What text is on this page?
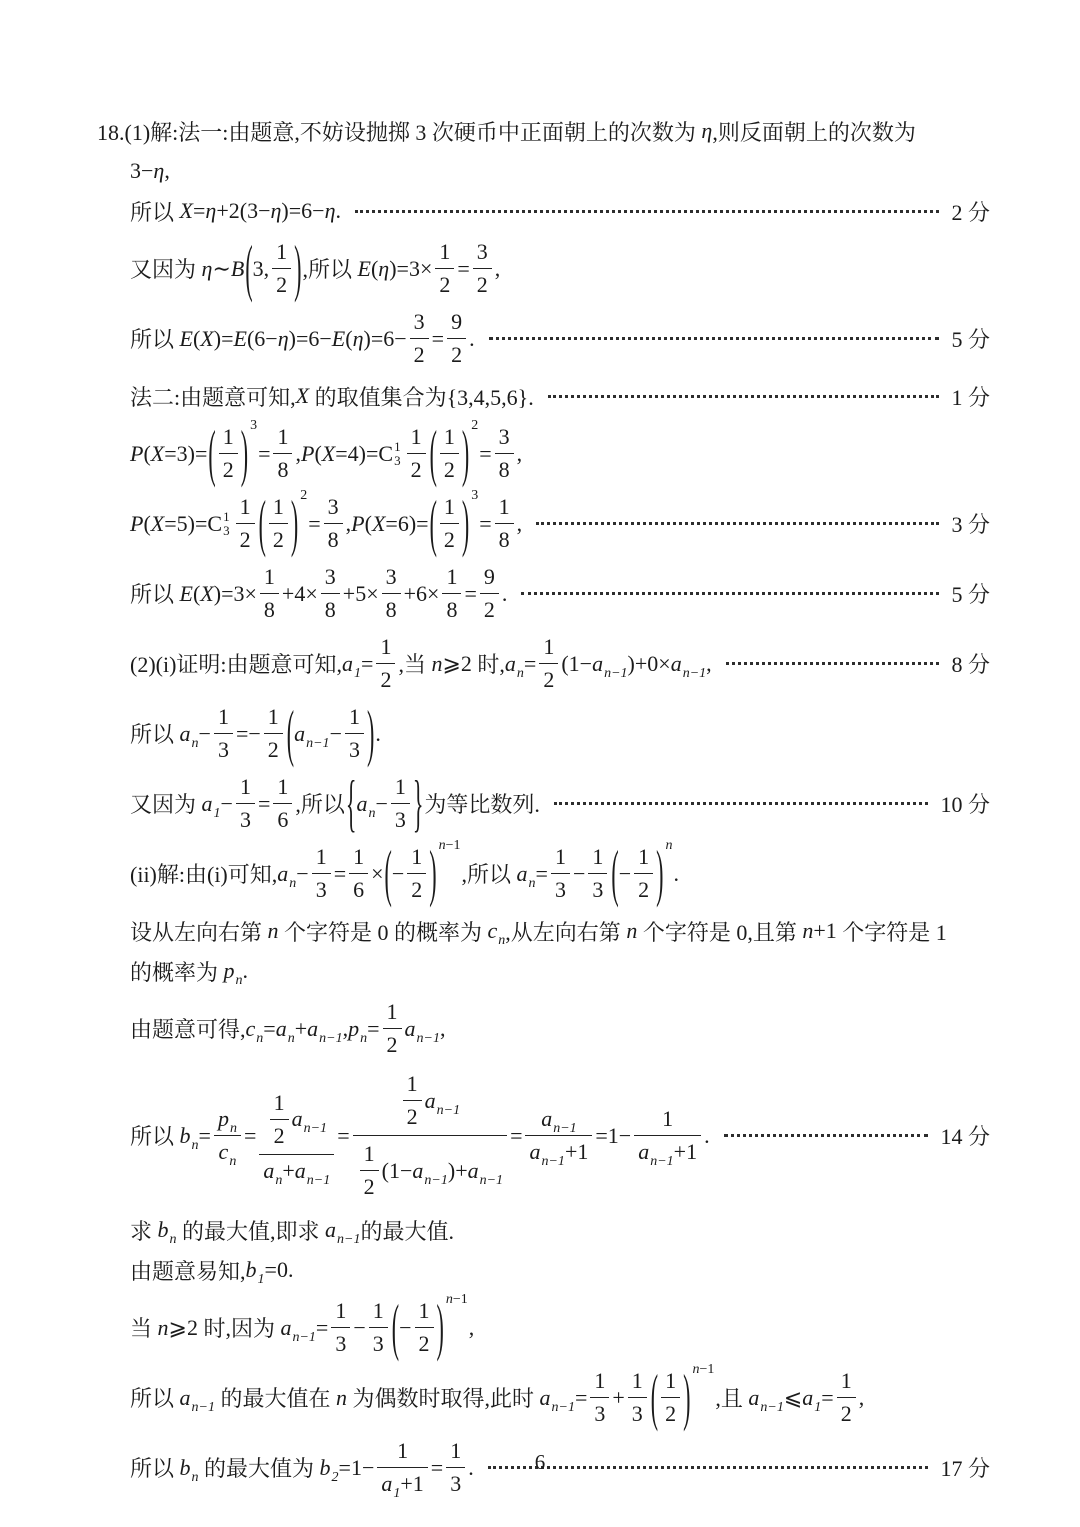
18.(1)解:法一:由题意,不妨设抛掷 3 次硬币中正面朝上的次数为 η ,则反面朝上的次数为
3−η,
所以 X=η+2(3−η)=6−η.	2 分
又因为 η∼B ( 3, $\frac{1}{2}$ ) ,所以 $E(\eta)=3\times \frac{1}{2} = \frac{3}{2}$ ,
所以 $E(X)=E(6-\eta)=6-E(\eta)=6- \frac{3}{2} = \frac{9}{2}$ .	5 分
法二:由题意可知, X 的取值集合为{3,4,5,6}.	1 分
P(X=3)= ( $\frac{1}{2}$ ) 3
= $\frac{1}{8} ,P(X=4)= C$ 1
$3 \frac{1}{2}$ ( $\frac{1}{2}$ ) 2
= $\frac{3}{8}$ ,
P(X=5)= C 1
$3 \frac{1}{2}$ ( $\frac{1}{2}$ ) 2
= $\frac{3}{8} ,P(X=6)=$ ( $\frac{1}{2}$ ) 3
= $\frac{1}{8}$ ,	3 分
所以 $E(X)=3\times \frac{1}{8} +4\times \frac{3}{8} +5\times \frac{3}{8} +6\times \frac{1}{8} = \frac{9}{2}$ .	5 分
(2)(i)证明:由题意可知, a $1 = \frac{1}{2}$ ,当 n⩾2 时, a $n = \frac{1}{2} (1- a$ n−1 )+0× a n−1 ,	8 分
所以 a $n - \frac{1}{3} =- \frac{1}{2}$ ( a $n-1 - \frac{1}{3}$ ) .
又因为 a $1 - \frac{1}{3} = \frac{1}{6}$ ,所以 { a $n - \frac{1}{3}$ } 为等比数列.	10 分
(ii)解:由(i)可知, a $n - \frac{1}{3} = \frac{1}{6}$ × ( − $\frac{1}{2}$ ) n−1
,所以 a $n = \frac{1}{3} - \frac{1}{3}$ ( − $\frac{1}{2}$ ) n
.
设从左向右第 n 个字符是 0 的概率为 c n ,从左向右第 n 个字符是 0,且第 n+1 个字符是 1
的概率为 p n .
由题意可得, c n = a n + a n−1 , p $n = \frac{1}{2}$ a n−1 ,
所以 b $n = \frac{\text{p n}}{\text{c n}} = \frac{\frac{1}{2} a n-1}{\text{a n + a n−1}} = \frac{\frac{1}{2} a n-1}{\frac{1}{2} (1- a n-1 )+ a n-1} = \frac{\text{a n−1}}{\text{a n−1 +1}} =1- \frac{1}{\text{a n−1 +1}}$ .	14 分
求 b n 的最大值,即求 a n−1 的最大值.
由题意易知, b 1 =0.
当 n⩾2 时,因为 a $n-1 = \frac{1}{3} - \frac{1}{3}$ ( − $\frac{1}{2}$ ) n−1
,
所以 a n−1 的最大值在 n 为偶数时取得,此时 a $n-1 = \frac{1}{3} + \frac{1}{3}$ ( $\frac{1}{2}$ ) n−1
,且 a n−1 ⩽ a $1 = \frac{1}{2}$ ,
所以 b n 的最大值为 b $2 =1- \frac{1}{a 1 +1} = \frac{1}{3}$ .	17 分
6
